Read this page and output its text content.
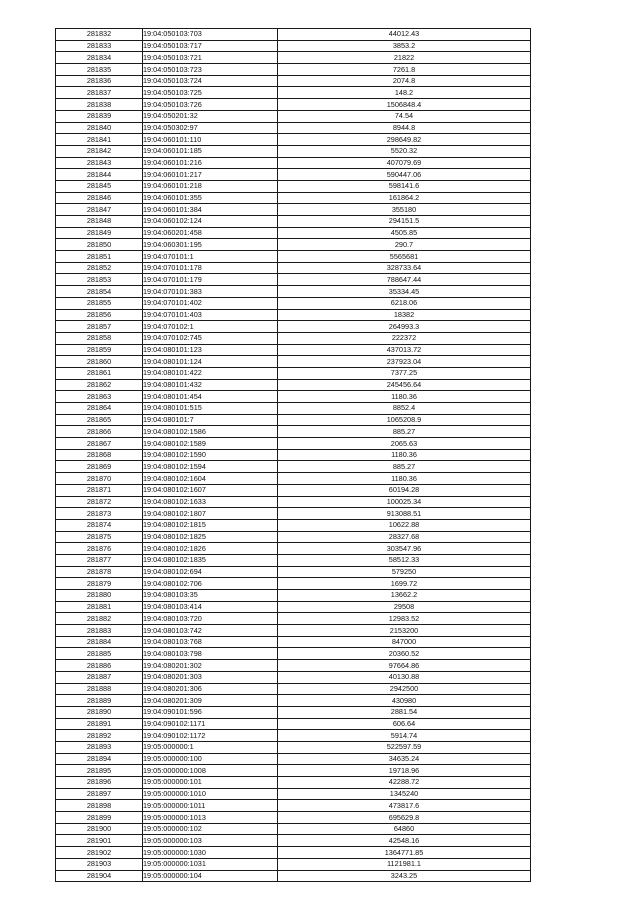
281832	19:04:050103:703	44012.43
281833	19:04:050103:717	3853.2
281834	19:04:050103:721	21822
281835	19:04:050103:723	7261.8
281836	19:04:050103:724	2074.8
281837	19:04:050103:725	148.2
281838	19:04:050103:726	1506848.4
281839	19:04:050201:32	74.54
281840	19:04:050302:97	8944.8
281841	19:04:060101:110	298649.82
281842	19:04:060101:185	5520.32
281843	19:04:060101:216	407079.69
281844	19:04:060101:217	590447.06
281845	19:04:060101:218	598141.6
281846	19:04:060101:355	161864.2
281847	19:04:060101:384	355180
281848	19:04:060102:124	294151.5
281849	19:04:060201:458	4505.85
281850	19:04:060301:195	290.7
281851	19:04:070101:1	5565681
281852	19:04:070101:178	328733.64
281853	19:04:070101:179	788647.44
281854	19:04:070101:383	35334.45
281855	19:04:070101:402	6218.06
281856	19:04:070101:403	18382
281857	19:04:070102:1	264993.3
281858	19:04:070102:745	222372
281859	19:04:080101:123	437013.72
281860	19:04:080101:124	237923.04
281861	19:04:080101:422	7377.25
281862	19:04:080101:432	245456.64
281863	19:04:080101:454	1180.36
281864	19:04:080101:515	8852.4
281865	19:04:080101:7	1065208.9
281866	19:04:080102:1586	885.27
281867	19:04:080102:1589	2065.63
281868	19:04:080102:1590	1180.36
281869	19:04:080102:1594	885.27
281870	19:04:080102:1604	1180.36
281871	19:04:080102:1607	60194.28
281872	19:04:080102:1633	100025.34
281873	19:04:080102:1807	913088.51
281874	19:04:080102:1815	10622.88
281875	19:04:080102:1825	28327.68
281876	19:04:080102:1826	303547.96
281877	19:04:080102:1835	58512.33
281878	19:04:080102:694	579250
281879	19:04:080102:706	1699.72
281880	19:04:080103:35	13662.2
281881	19:04:080103:414	29508
281882	19:04:080103:720	12983.52
281883	19:04:080103:742	2153200
281884	19:04:080103:768	847000
281885	19:04:080103:798	20360.52
281886	19:04:080201:302	97664.86
281887	19:04:080201:303	40130.88
281888	19:04:080201:306	2942500
281889	19:04:080201:309	430980
281890	19:04:090101:596	2881.54
281891	19:04:090102:1171	606.64
281892	19:04:090102:1172	5914.74
281893	19:05:000000:1	522597.59
281894	19:05:000000:100	34635.24
281895	19:05:000000:1008	19718.96
281896	19:05:000000:101	42288.72
281897	19:05:000000:1010	1345240
281898	19:05:000000:1011	473817.6
281899	19:05:000000:1013	695629.8
281900	19:05:000000:102	64860
281901	19:05:000000:103	42548.16
281902	19:05:000000:1030	1364771.85
281903	19:05:000000:1031	1121981.1
281904	19:05:000000:104	3243.25
